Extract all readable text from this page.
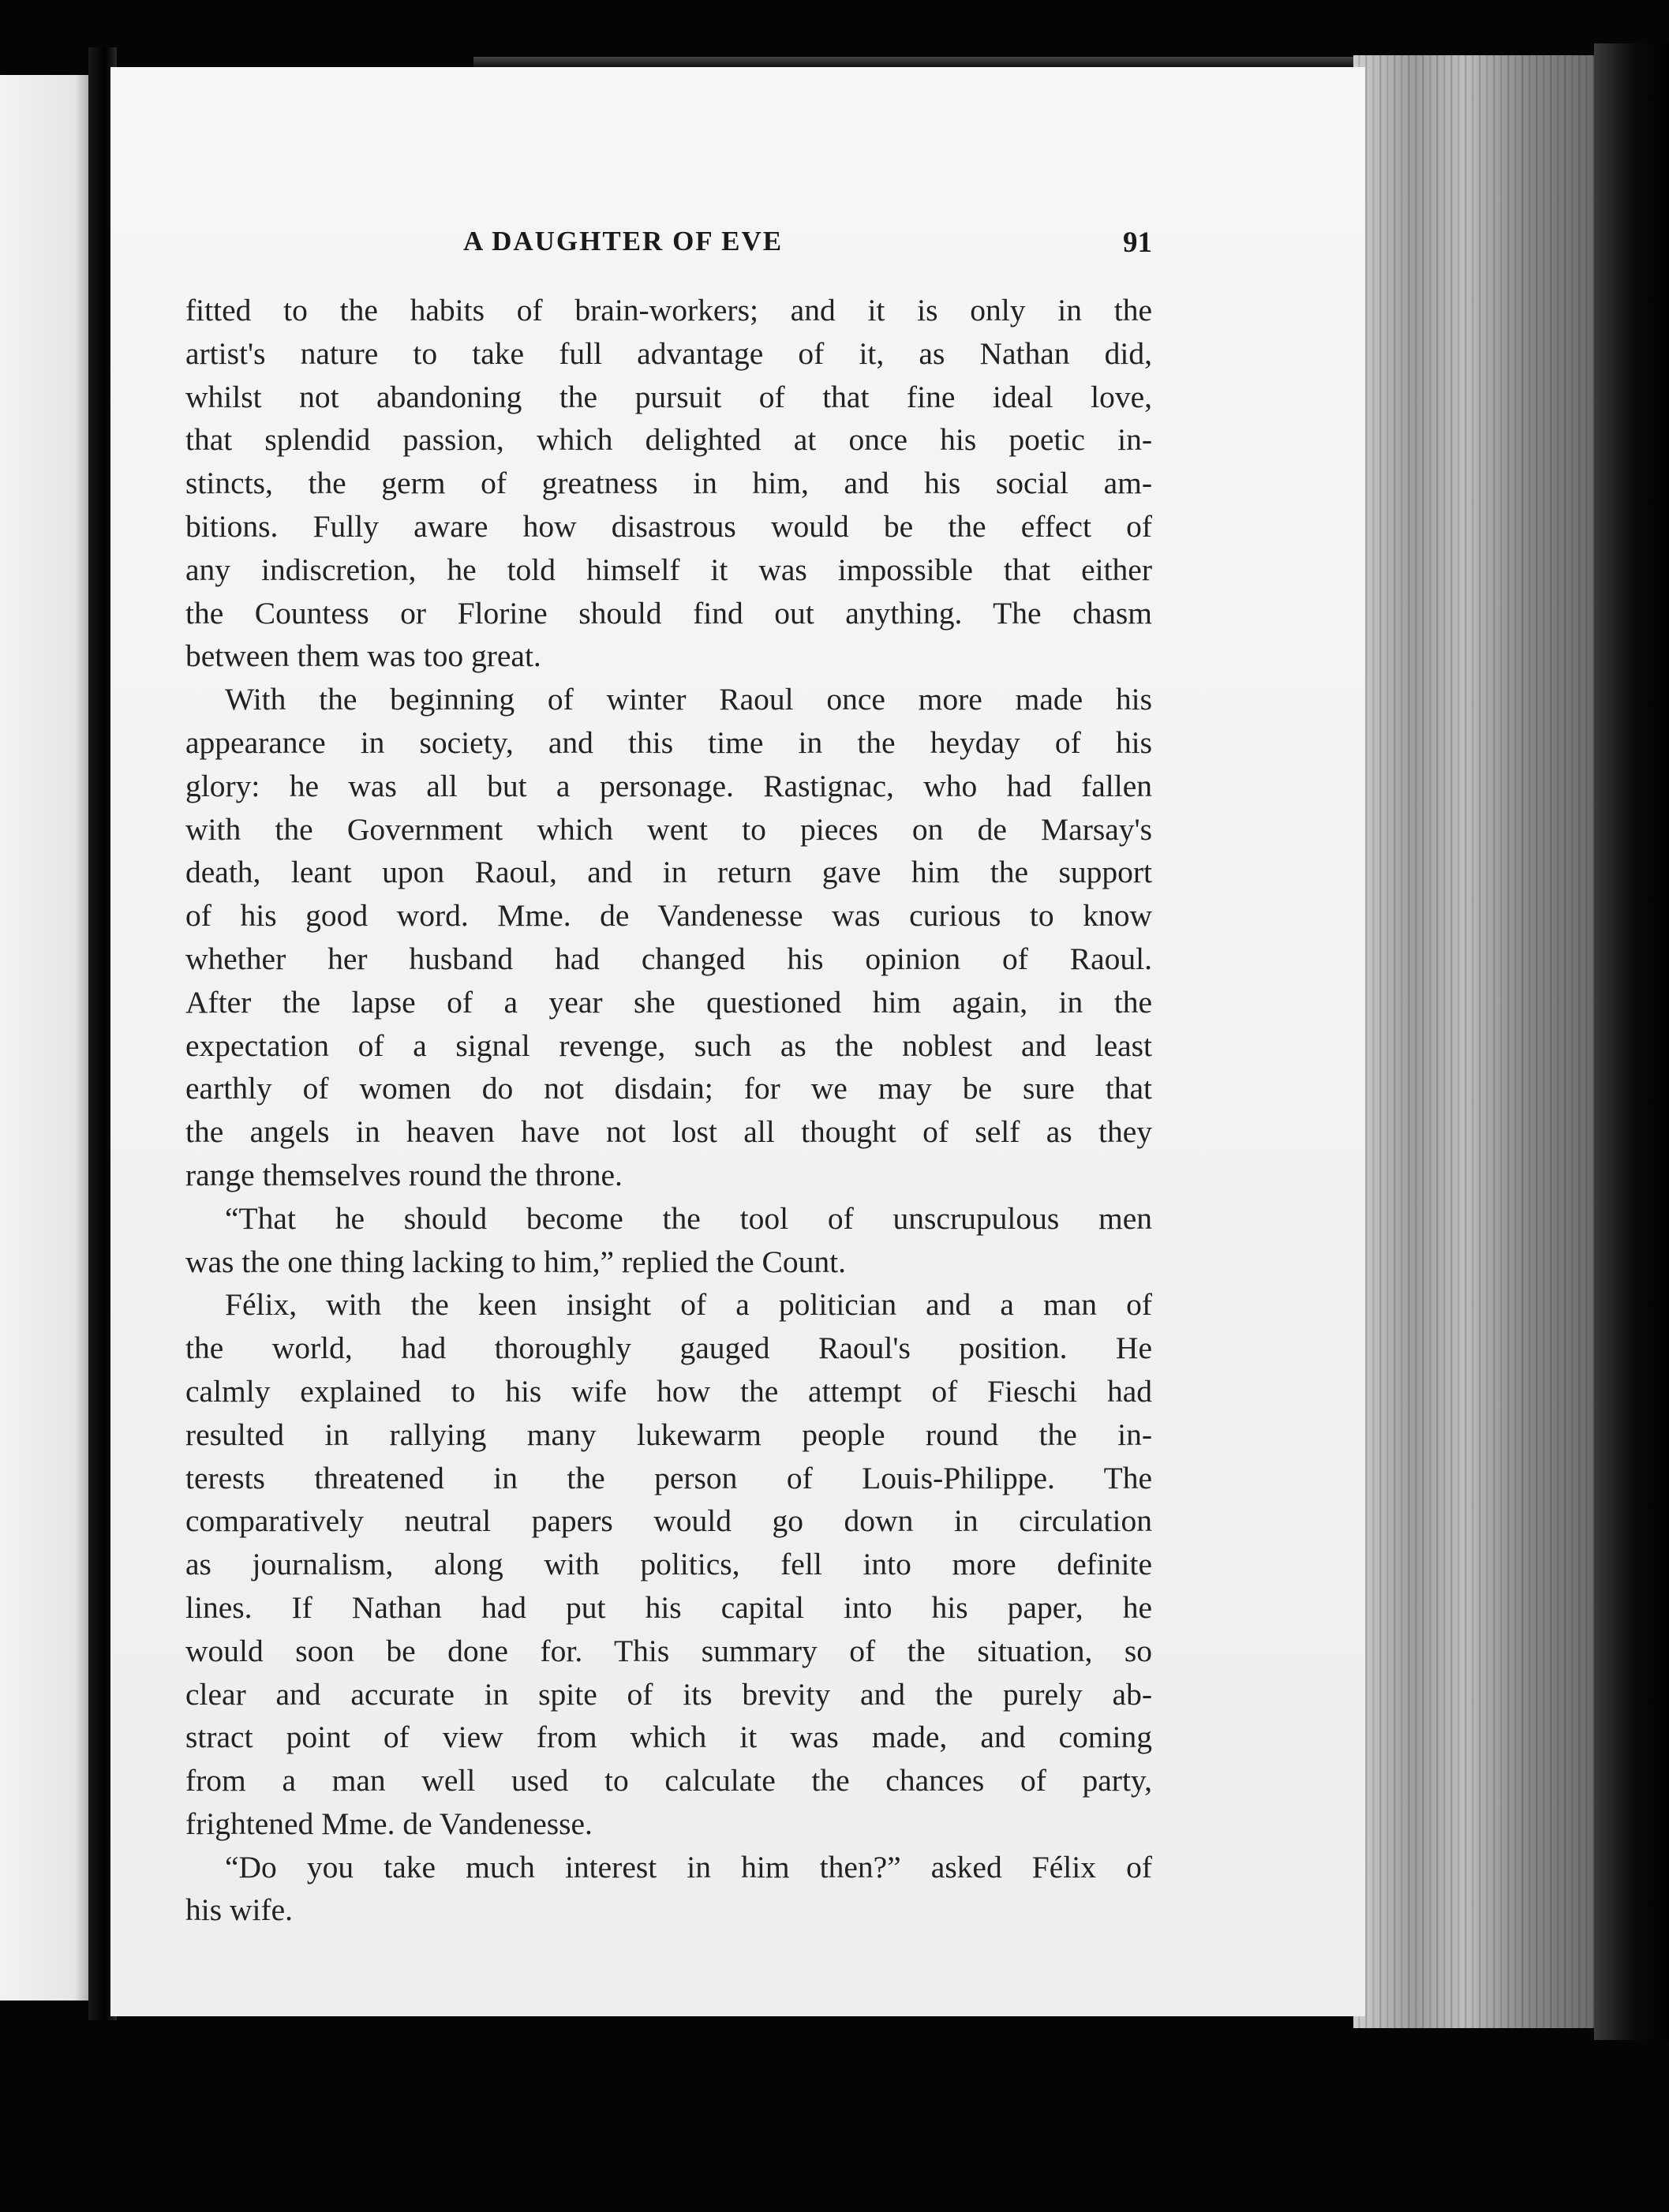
A DAUGHTER OF EVE	91
fitted to the habits of brain-workers; and it is only in the
artist's nature to take full advantage of it, as Nathan did,
whilst not abandoning the pursuit of that fine ideal love,
that splendid passion, which delighted at once his poetic in-
stincts, the germ of greatness in him, and his social am-
bitions. Fully aware how disastrous would be the effect of
any indiscretion, he told himself it was impossible that either
the Countess or Florine should find out anything. The chasm
between them was too great.
With the beginning of winter Raoul once more made his
appearance in society, and this time in the heyday of his
glory: he was all but a personage. Rastignac, who had fallen
with the Government which went to pieces on de Marsay's
death, leant upon Raoul, and in return gave him the support
of his good word. Mme. de Vandenesse was curious to know
whether her husband had changed his opinion of Raoul.
After the lapse of a year she questioned him again, in the
expectation of a signal revenge, such as the noblest and least
earthly of women do not disdain; for we may be sure that
the angels in heaven have not lost all thought of self as they
range themselves round the throne.
“That he should become the tool of unscrupulous men
was the one thing lacking to him,” replied the Count.
Félix, with the keen insight of a politician and a man of
the world, had thoroughly gauged Raoul's position. He
calmly explained to his wife how the attempt of Fieschi had
resulted in rallying many lukewarm people round the in-
terests threatened in the person of Louis-Philippe. The
comparatively neutral papers would go down in circulation
as journalism, along with politics, fell into more definite
lines. If Nathan had put his capital into his paper, he
would soon be done for. This summary of the situation, so
clear and accurate in spite of its brevity and the purely ab-
stract point of view from which it was made, and coming
from a man well used to calculate the chances of party,
frightened Mme. de Vandenesse.
“Do you take much interest in him then?” asked Félix of
his wife.
